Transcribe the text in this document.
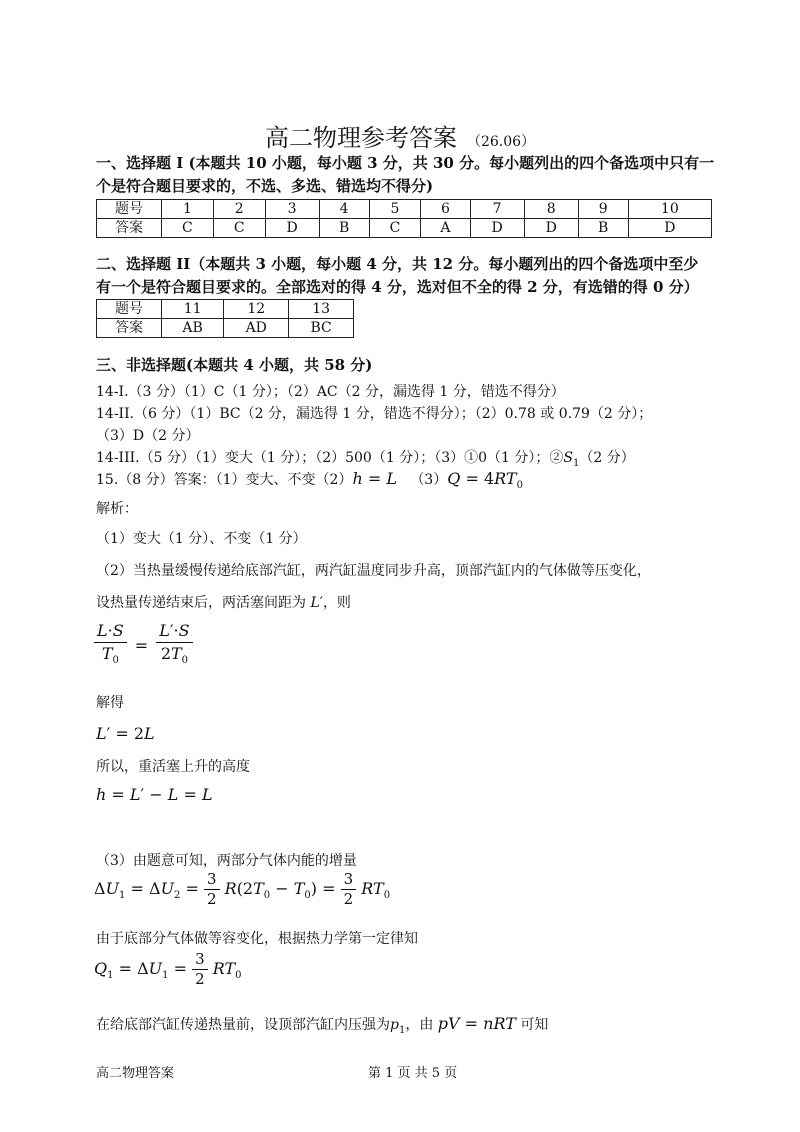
高二物理参考答案 （26.06）
一、选择题 I (本题共 10 小题，每小题 3 分，共 30 分。每小题列出的四个备选项中只有一
个是符合题目要求的，不选、多选、错选均不得分)
题号	1	2	3	4	5	6	7	8	9	10
答案	C	C	D	B	C	A	D	D	B	D
二、选择题 II（本题共 3 小题，每小题 4 分，共 12 分。每小题列出的四个备选项中至少
有一个是符合题目要求的。全部选对的得 4 分，选对但不全的得 2 分，有选错的得 0 分）
题号	11	12	13
答案	AB	AD	BC
三、非选择题(本题共 4 小题，共 58 分)
14-I.（3 分）（1）C（1 分）；（2）AC（2 分，漏选得 1 分，错选不得分）
14-II.（6 分）（1）BC（2 分，漏选得 1 分，错选不得分）；（2）0.78 或 0.79（2 分）；
（3）D（2 分）
14-III.（5 分）（1）变大（1 分）；（2）500（1 分）；（3）①0（1 分）；$②S_1(2$ 分）
15.（8 分）答案：（1）变大、不变（2）h = L $(3)Q = 4RT_0$
解析：
（1）变大（1 分）、不变（1 分）
（2）当热量缓慢传递给底部汽缸，两汽缸温度同步升高，顶部汽缸内的气体做等压变化，
设热量传递结束后，两活塞间距为 L′，则
$\frac{L\cdot S}{T_0} = \frac{L'\cdot S}{2T_0}$
解得
L′ = 2L
所以，重活塞上升的高度
h = L′ − L = L
（3）由题意可知，两部分气体内能的增量
$\Delta U_1 = \Delta U_2 = \frac{3}{2} R(2T_0 - T_0) = \frac{3}{2} RT_0$
由于底部分气体做等容变化，根据热力学第一定律知
$Q_1 = \Delta U_1 = \frac{3}{2} RT_0$
在给底部汽缸传递热量前，设顶部汽缸内压强为$p_1$，由 pV = nRT 可知
高二物理答案	第 1 页 共 5 页
